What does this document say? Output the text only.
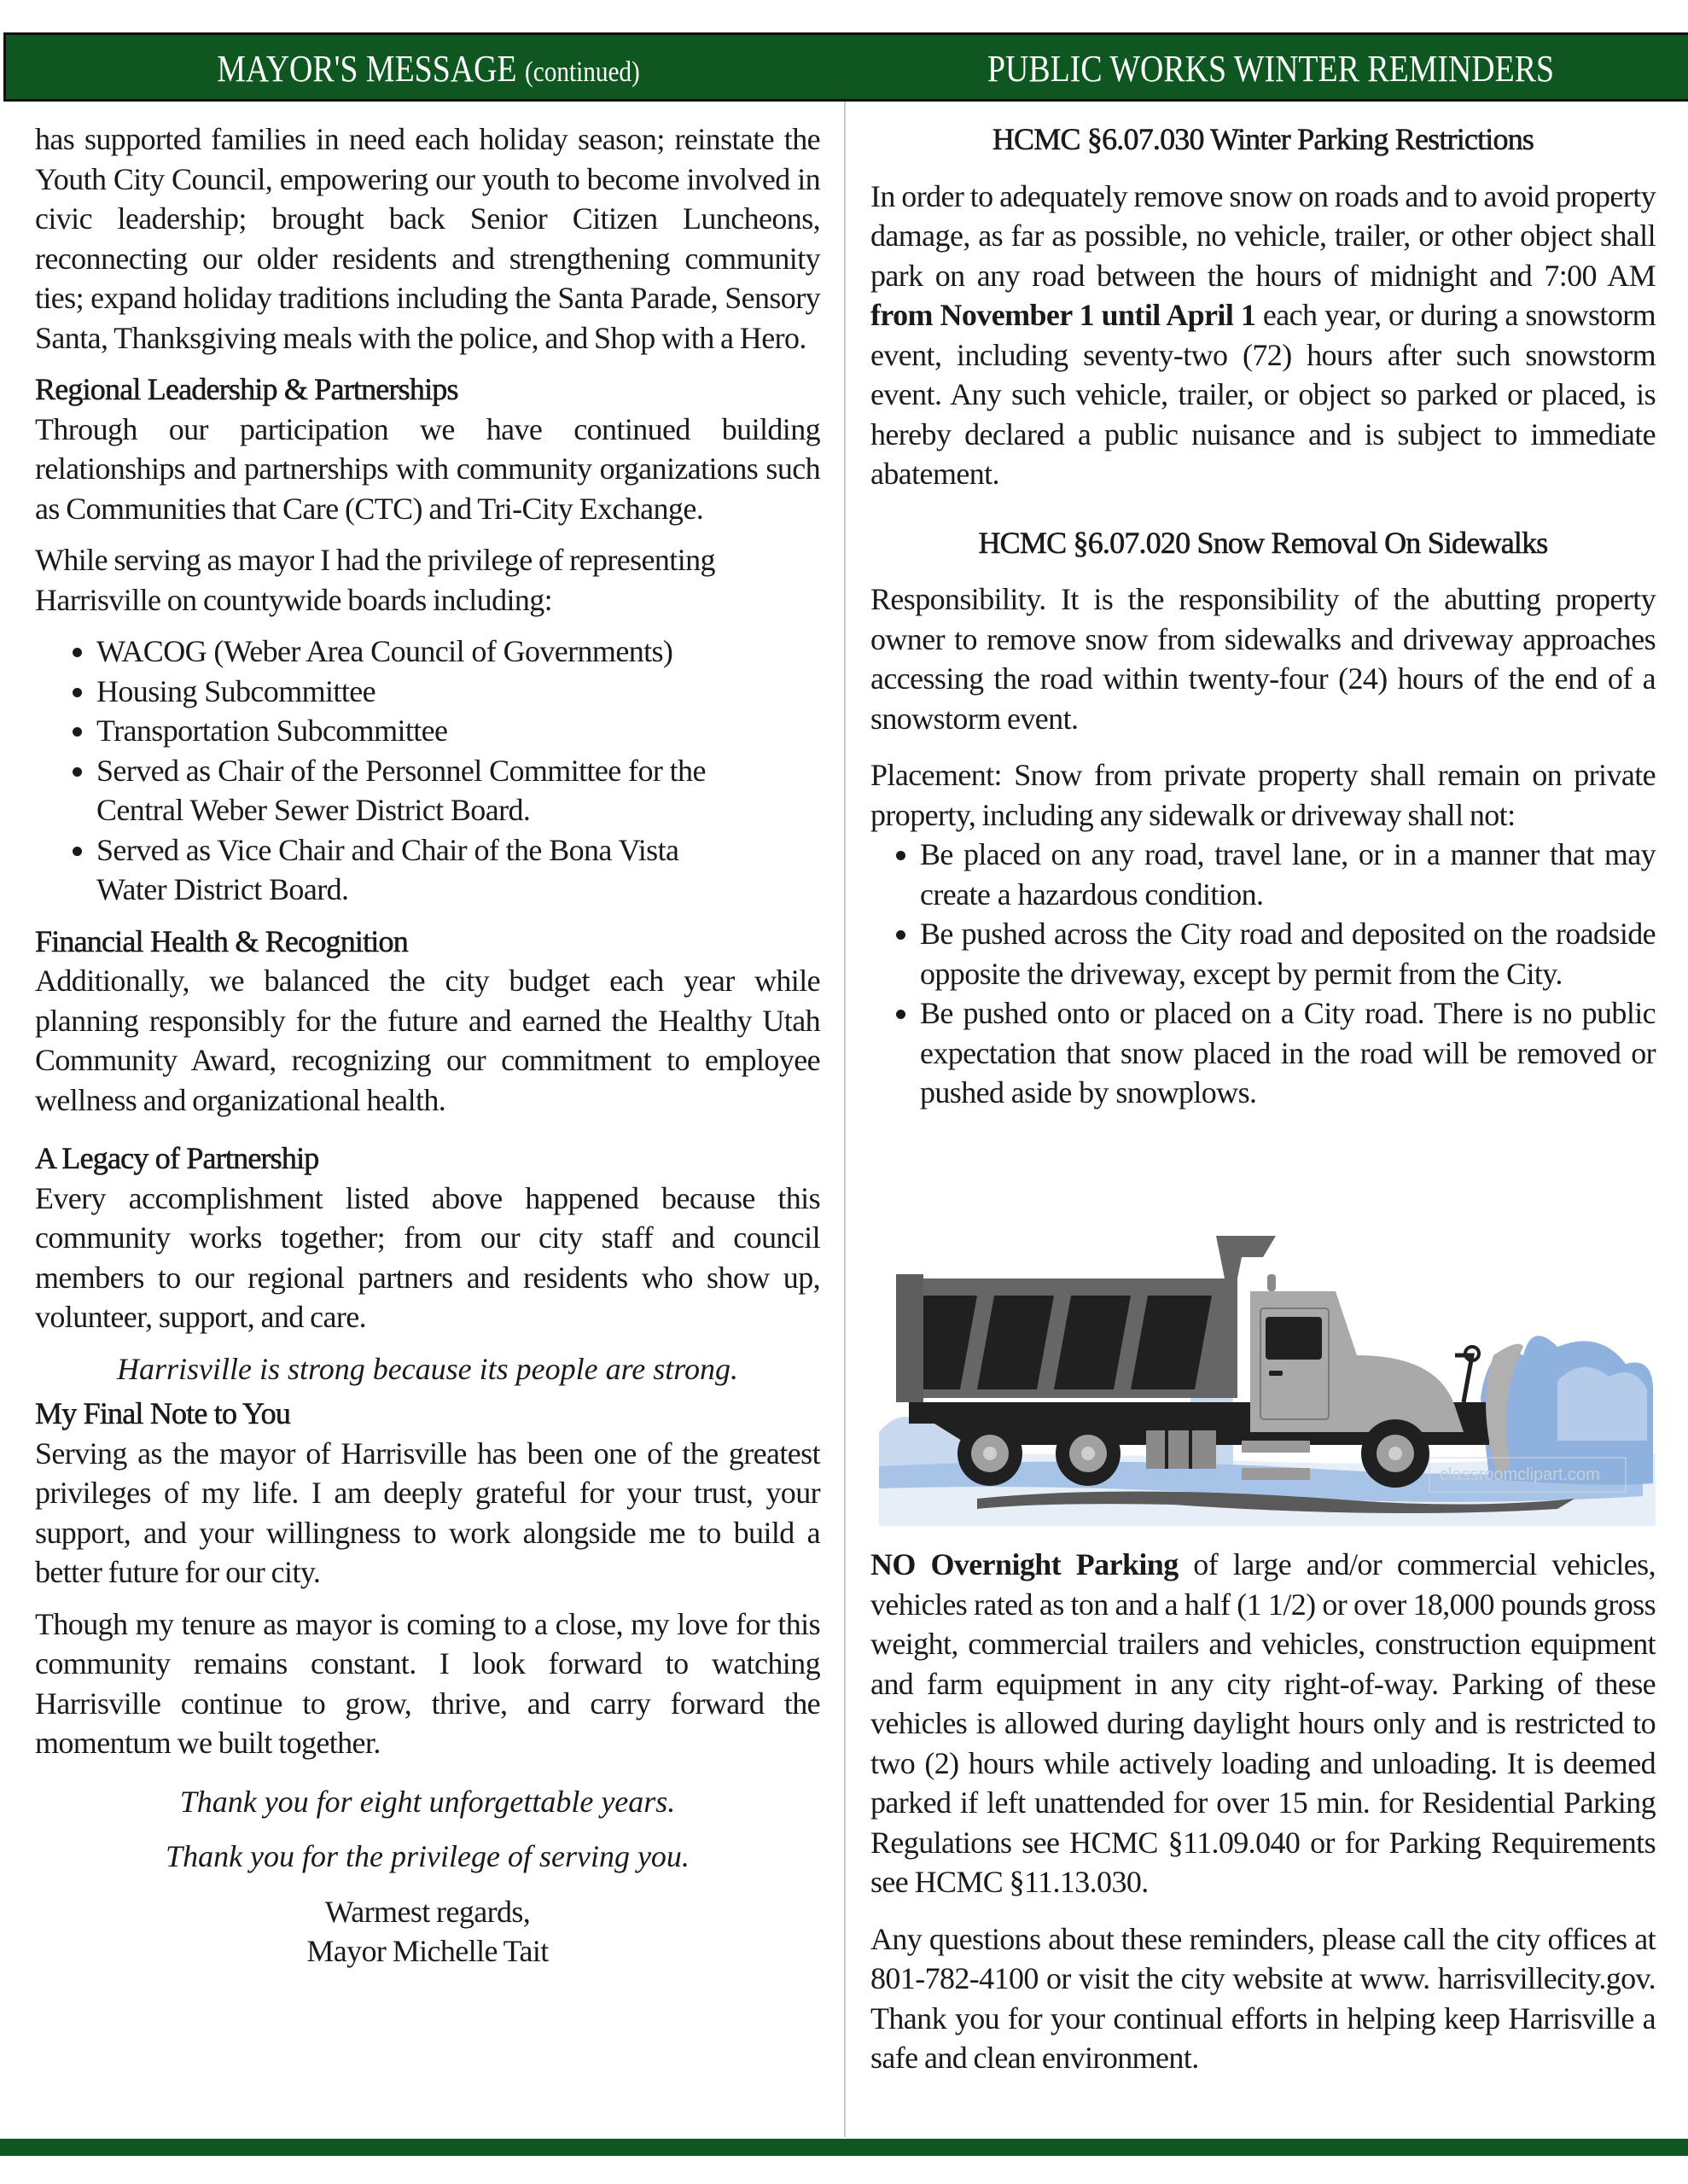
MAYOR'S MESSAGE (continued)	PUBLIC WORKS WINTER REMINDERS

has supported families in need each holiday season; reinstate the Youth City Council, empowering our youth to become involved in civic leadership; brought back Senior Citizen Luncheons, reconnecting our older residents and strengthening community ties; expand holiday traditions including the Santa Parade, Sensory Santa, Thanksgiving meals with the police, and Shop with a Hero.

Regional Leadership & Partnerships

Through our participation we have continued building relationships and partnerships with community organizations such as Communities that Care (CTC) and Tri-City Exchange.

While serving as mayor I had the privilege of representing Harrisville on countywide boards including:

• WACOG (Weber Area Council of Governments)
• Housing Subcommittee
• Transportation Subcommittee
• Served as Chair of the Personnel Committee for the Central Weber Sewer District Board.
• Served as Vice Chair and Chair of the Bona Vista Water District Board.
Financial Health & Recognition

Additionally, we balanced the city budget each year while planning responsibly for the future and earned the Healthy Utah Community Award, recognizing our commitment to employee wellness and organizational health.

A Legacy of Partnership

Every accomplishment listed above happened because this community works together; from our city staff and council members to our regional partners and residents who show up, volunteer, support, and care.

Harrisville is strong because its people are strong.

My Final Note to You

Serving as the mayor of Harrisville has been one of the greatest privileges of my life. I am deeply grateful for your trust, your support, and your willingness to work alongside me to build a better future for our city.

Though my tenure as mayor is coming to a close, my love for this community remains constant. I look forward to watching Harrisville continue to grow, thrive, and carry forward the momentum we built together.

Thank you for eight unforgettable years.

Thank you for the privilege of serving you.

Warmest regards,

Mayor Michelle Tait

HCMC §6.07.030 Winter Parking Restrictions

In order to adequately remove snow on roads and to avoid property damage, as far as possible, no vehicle, trailer, or other object shall park on any road between the hours of midnight and 7:00 AM from November 1 until April 1 each year, or during a snowstorm event, including seventy-two (72) hours after such snowstorm event. Any such vehicle, trailer, or object so parked or placed, is hereby declared a public nuisance and is subject to immediate abatement.

HCMC §6.07.020 Snow Removal On Sidewalks

Responsibility. It is the responsibility of the abutting property owner to remove snow from sidewalks and driveway approaches accessing the road within twenty-four (24) hours of the end of a snowstorm event.

Placement: Snow from private property shall remain on private property, including any sidewalk or driveway shall not:

• Be placed on any road, travel lane, or in a manner that may create a hazardous condition.
• Be pushed across the City road and deposited on the roadside opposite the driveway, except by permit from the City.
• Be pushed onto or placed on a City road. There is no public expectation that snow placed in the road will be removed or pushed aside by snowplows.
classroomclipart.com

NO Overnight Parking of large and/or commercial vehicles, vehicles rated as ton and a half (1 1/2) or over 18,000 pounds gross weight, commercial trailers and vehicles, construction equipment and farm equipment in any city right-of-way. Parking of these vehicles is allowed during daylight hours only and is restricted to two (2) hours while actively loading and unloading. It is deemed parked if left unattended for over 15 min. for Residential Parking Regulations see HCMC §11.09.040 or for Parking Requirements see HCMC §11.13.030.

Any questions about these reminders, please call the city offices at 801-782-4100 or visit the city website at www. harrisvillecity.gov. Thank you for your continual efforts in helping keep Harrisville a safe and clean environment.
